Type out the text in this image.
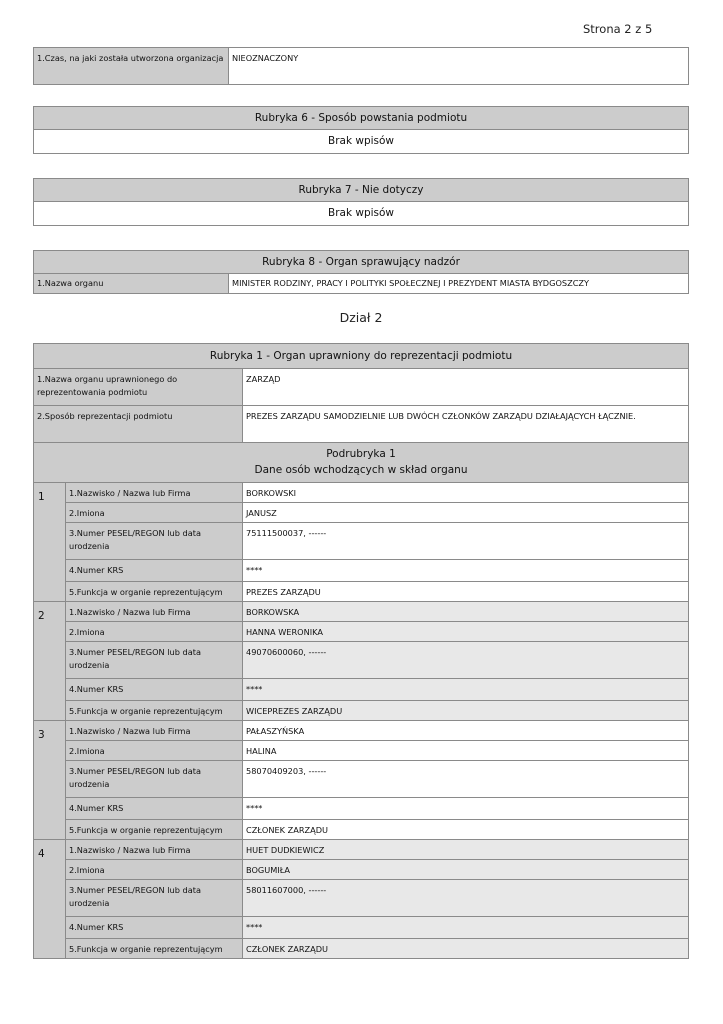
Strona 2 z 5
1.Czas, na jaki została utworzona organizacja	NIEOZNACZONY
Rubryka 6 - Sposób powstania podmiotu
Brak wpisów
Rubryka 7 - Nie dotyczy
Brak wpisów
Rubryka 8 - Organ sprawujący nadzór
1.Nazwa organu	MINISTER RODZINY, PRACY I POLITYKI SPOŁECZNEJ I PREZYDENT MIASTA BYDGOSZCZY
Dział 2
Rubryka 1 - Organ uprawniony do reprezentacji podmiotu		
1.Nazwa organu uprawnionego do reprezentowania podmiotu		ZARZĄD
2.Sposób reprezentacji podmiotu		PREZES ZARZĄDU SAMODZIELNIE LUB DWÓCH CZŁONKÓW ZARZĄDU DZIAŁAJĄCYCH ŁĄCZNIE.

Podrubryka 1
Dane osób wchodzących w skład organu		

1	1.Nazwisko / Nazwa lub Firma	BORKOWSKI
	2.Imiona	JANUSZ
	3.Numer PESEL/REGON lub data urodzenia	75111500037, ------
	4.Numer KRS	****
	5.Funkcja w organie reprezentującym	PREZES ZARZĄDU
2	1.Nazwisko / Nazwa lub Firma	BORKOWSKA
	2.Imiona	HANNA WERONIKA
	3.Numer PESEL/REGON lub data urodzenia	49070600060, ------
	4.Numer KRS	****
	5.Funkcja w organie reprezentującym	WICEPREZES ZARZĄDU
3	1.Nazwisko / Nazwa lub Firma	PAŁASZYŃSKA
	2.Imiona	HALINA
	3.Numer PESEL/REGON lub data urodzenia	58070409203, ------
	4.Numer KRS	****
	5.Funkcja w organie reprezentującym	CZŁONEK ZARZĄDU
4	1.Nazwisko / Nazwa lub Firma	HUET DUDKIEWICZ
	2.Imiona	BOGUMIŁA
	3.Numer PESEL/REGON lub data urodzenia	58011607000, ------
	4.Numer KRS	****
	5.Funkcja w organie reprezentującym	CZŁONEK ZARZĄDU
